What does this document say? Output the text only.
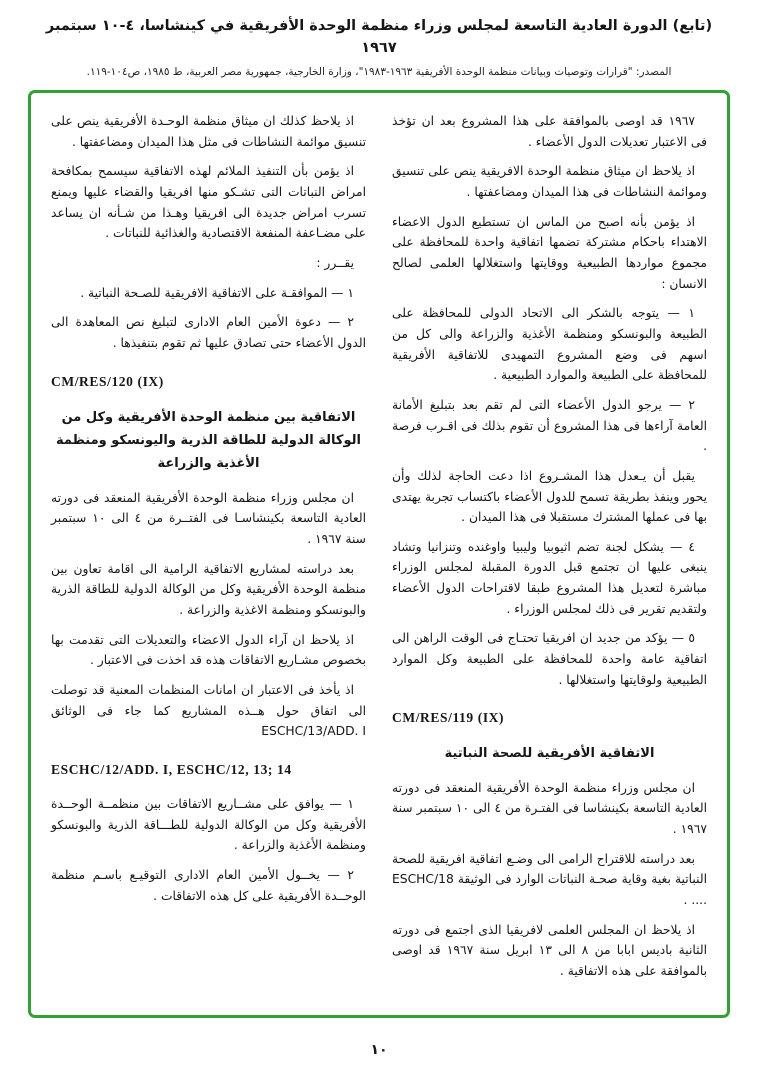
(تابع) الدورة العادية التاسعة لمجلس وزراء منظمة الوحدة الأفريقية في كينشاسا، ٤-١٠ سبتمبر ١٩٦٧
المصدر: "قرارات وتوصيات وبيانات منظمة الوحدة الأفريقية ١٩٦٣-١٩٨٣"، وزارة الخارجية، جمهورية مصر العربية، ط ١٩٨٥، ص١٠٤-١١٩.
١٩٦٧ قد اوصى بالموافقة على هذا المشروع بعد ان تؤخذ فى الاعتبار تعديلات الدول الأعضاء .
اذ يلاحظ ان ميثاق منظمة الوحدة الافريقية ينص على تنسيق وموائمة النشاطات فى هذا الميدان ومضاعفتها .
اذ يؤمن بأنه اصبح من الماس ان تستطيع الدول الاعضاء الاهتداء باحكام مشتركة تضمها اتفاقية واحدة للمحافظة على مجموع مواردها الطبيعية ووقايتها واستغلالها العلمى لصالح الانسان :
١ — يتوجه بالشكر الى الاتحاد الدولى للمحافظة على الطبيعة والبونسكو ومنظمة الأغذية والزراعة والى كل من اسهم فى وضع المشروع التمهيدى للاتفاقية الأفريقية للمحافظة على الطبيعة والموارد الطبيعية .
٢ — يرجو الدول الأعضاء التى لم تقم بعد بتبليغ الأمانة العامة آراءها فى هذا المشروع أن تقوم بذلك فى اقـرب فرصة .
يقبل أن يـعدل هذا المشـروع اذا دعت الحاجة لذلك وأن يحور وينفذ بطريقة تسمح للدول الأعضاء باكتساب تجربة يهتدى بها فى عملها المشترك مستقبلا فى هذا الميدان .
٤ — يشكل لجنة تضم اثيوبيا وليبيا واوغنده وتنزانيا وتشاد ينبغى عليها ان تجتمع قبل الدورة المقبلة لمجلس الوزراء مباشرة لتعديل هذا المشروع طبقا لاقتراحات الدول الأعضاء ولتقديم تقرير فى ذلك لمجلس الوزراء .
٥ — يؤكد من جديد ان افريقيا تحتـاج فى الوقت الراهن الى اتفاقية عامة واحدة للمحافظة على الطبيعة وكل الموارد الطبيعية ولوقايتها واستغلالها .
CM/RES/119 (IX)
الاتفاقية الأفريقية للصحة النباتية
ان مجلس وزراء منظمة الوحدة الأفريقية المنعقد فى دورته العادية التاسعة بكينشاسا فى الفتـرة من ٤ الى ١٠ سبتمبر سنة ١٩٦٧ .
بعد دراسته للاقتراح الرامى الى وضـع اتفاقية افريقية للصحة النباتية بغية وقاية صحـة النباتات الوارد فى الوثيقة ESCHC/18 .... .
اذ يلاحظ ان المجلس العلمى لافريقيا الذى اجتمع فى دورته الثانية باديس ابابا من ٨ الى ١٣ ابريل سنة ١٩٦٧ قد اوصى بالموافقة على هذه الاتفاقية .
اذ يلاحظ كذلك ان ميثاق منظمة الوحـدة الأفريقية ينص على تنسيق موائمة النشاطات فى مثل هذا الميدان ومضاعفتها .
اذ يؤمن بأن التنفيذ الملائم لهذه الاتفاقية سيسمح بمكافحة امراض النباتات التى تشـكو منها افريقيا والقضاء عليها ويمنع تسرب امراض جديدة الى افريقيا وهـذا من شـأنه ان يساعد على مضـاعفة المنفعة الاقتصادية والغذائية للنباتات .
يقــرر :
١ — الموافقـة على الاتفاقية الافريقية للصـحة النباتية .
٢ — دعوة الأمين العام الادارى لتبليغ نص المعاهدة الى الدول الأعضاء حتى تصادق عليها ثم تقوم بتنفيذها .
CM/RES/120 (IX)
الاتفاقية بين منظمة الوحدة الأفريقية وكل من الوكالة الدولية للطاقة الذرية واليونسكو ومنظمة الأغذية والزراعة
ان مجلس وزراء منظمة الوحدة الأفريقية المنعقد فى دورته العادية التاسعة بكينشاسـا فى الفتــرة من ٤ الى ١٠ سبتمبر سنة ١٩٦٧ .
بعد دراسته لمشاريع الاتفاقية الرامية الى اقامة تعاون بين منظمة الوحدة الأفريقية وكل من الوكالة الدولية للطاقة الذرية والبونسكو ومنظمة الاغذية والزراعة .
اذ يلاحظ ان آراء الدول الاعضاء والتعديلات التى تقدمت بها بخصوص مشـاريع الاتفاقات هذه قد اخذت فى الاعتبار .
اذ يأخذ فى الاعتبار ان امانات المنظمات المعنية قد توصلت الى اتفاق حول هــذه المشاريع كما جاء فى الوثائق ESCHC/13/ADD. I
ESCHC/12/ADD. I, ESCHC/12, 13; 14
١ — يوافق على مشــاريع الاتفاقات بين منظمــة الوحــدة الأفريقية وكل من الوكالة الدولية للطـــاقة الذرية والبونسكو ومنظمة الأغذية والزراعة .
٢ — يخــول الأمين العام الادارى التوقيـع باسـم منظمة الوحــدة الأفريقية على كل هذه الاتفاقات .
١٠
